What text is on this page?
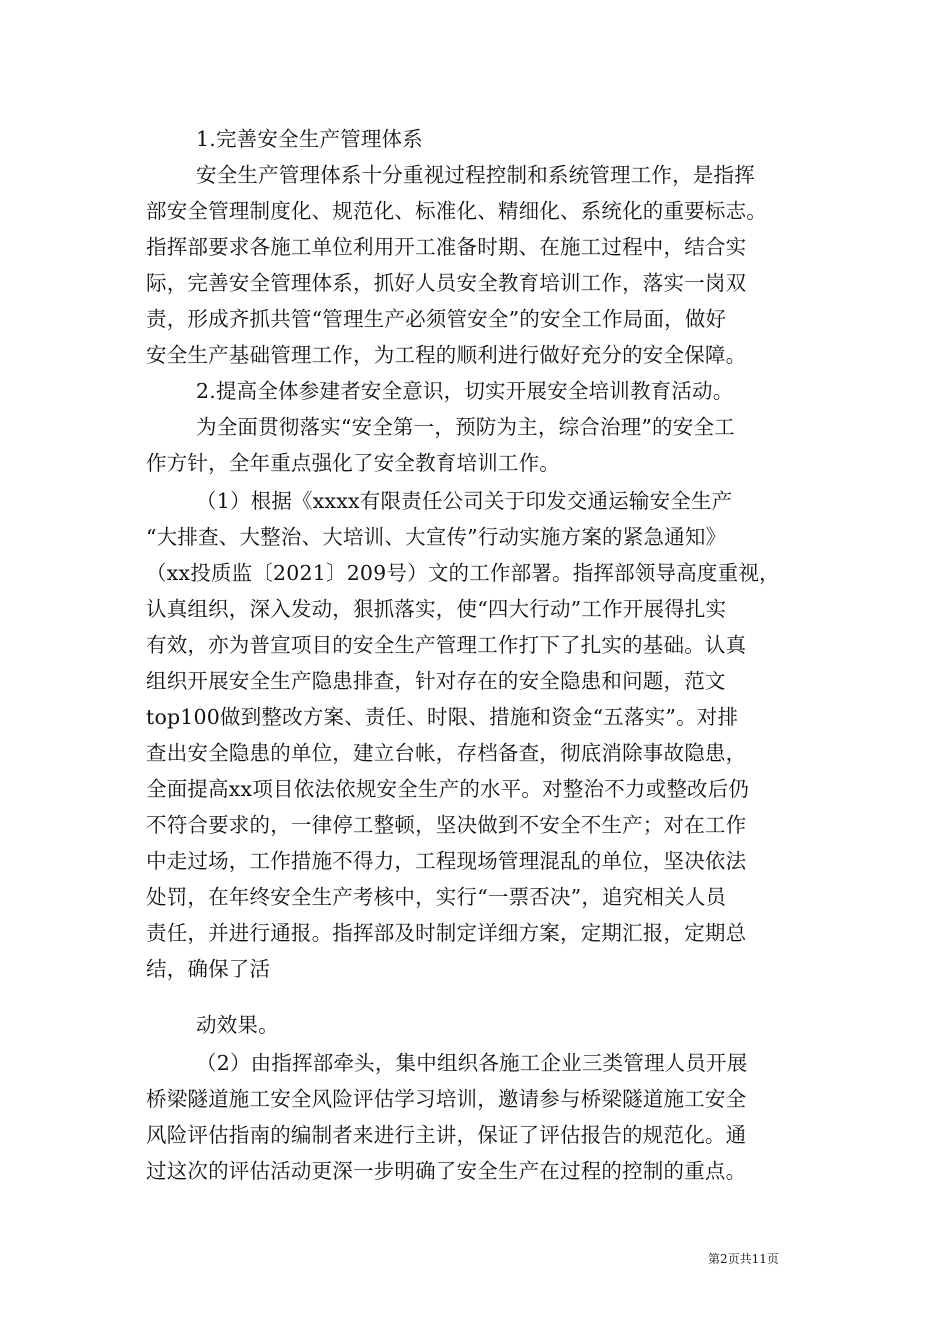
1.完善安全生产管理体系
安全生产管理体系十分重视过程控制和系统管理工作，是指挥
部安全管理制度化、规范化、标准化、精细化、系统化的重要标志。
指挥部要求各施工单位利用开工准备时期、在施工过程中，结合实
际，完善安全管理体系，抓好人员安全教育培训工作，落实一岗双
责，形成齐抓共管“管理生产必须管安全”的安全工作局面，做好
安全生产基础管理工作，为工程的顺利进行做好充分的安全保障。
2.提高全体参建者安全意识，切实开展安全培训教育活动。
为全面贯彻落实“安全第一，预防为主，综合治理”的安全工
作方针，全年重点强化了安全教育培训工作。
（1）根据《xxxx有限责任公司关于印发交通运输安全生产
“大排查、大整治、大培训、大宣传”行动实施方案的紧急通知》
（xx投质监〔2021〕209号）文的工作部署。指挥部领导高度重视，
认真组织，深入发动，狠抓落实，使“四大行动”工作开展得扎实
有效，亦为普宣项目的安全生产管理工作打下了扎实的基础。认真
组织开展安全生产隐患排查，针对存在的安全隐患和问题，范文
top100做到整改方案、责任、时限、措施和资金“五落实”。对排
查出安全隐患的单位，建立台帐，存档备查，彻底消除事故隐患，
全面提高xx项目依法依规安全生产的水平。对整治不力或整改后仍
不符合要求的，一律停工整顿，坚决做到不安全不生产；对在工作
中走过场，工作措施不得力，工程现场管理混乱的单位，坚决依法
处罚，在年终安全生产考核中，实行“一票否决”，追究相关人员
责任，并进行通报。指挥部及时制定详细方案，定期汇报，定期总
结，确保了活
动效果。
（2）由指挥部牵头，集中组织各施工企业三类管理人员开展
桥梁隧道施工安全风险评估学习培训，邀请参与桥梁隧道施工安全
风险评估指南的编制者来进行主讲，保证了评估报告的规范化。通
过这次的评估活动更深一步明确了安全生产在过程的控制的重点。
第2页共11页
